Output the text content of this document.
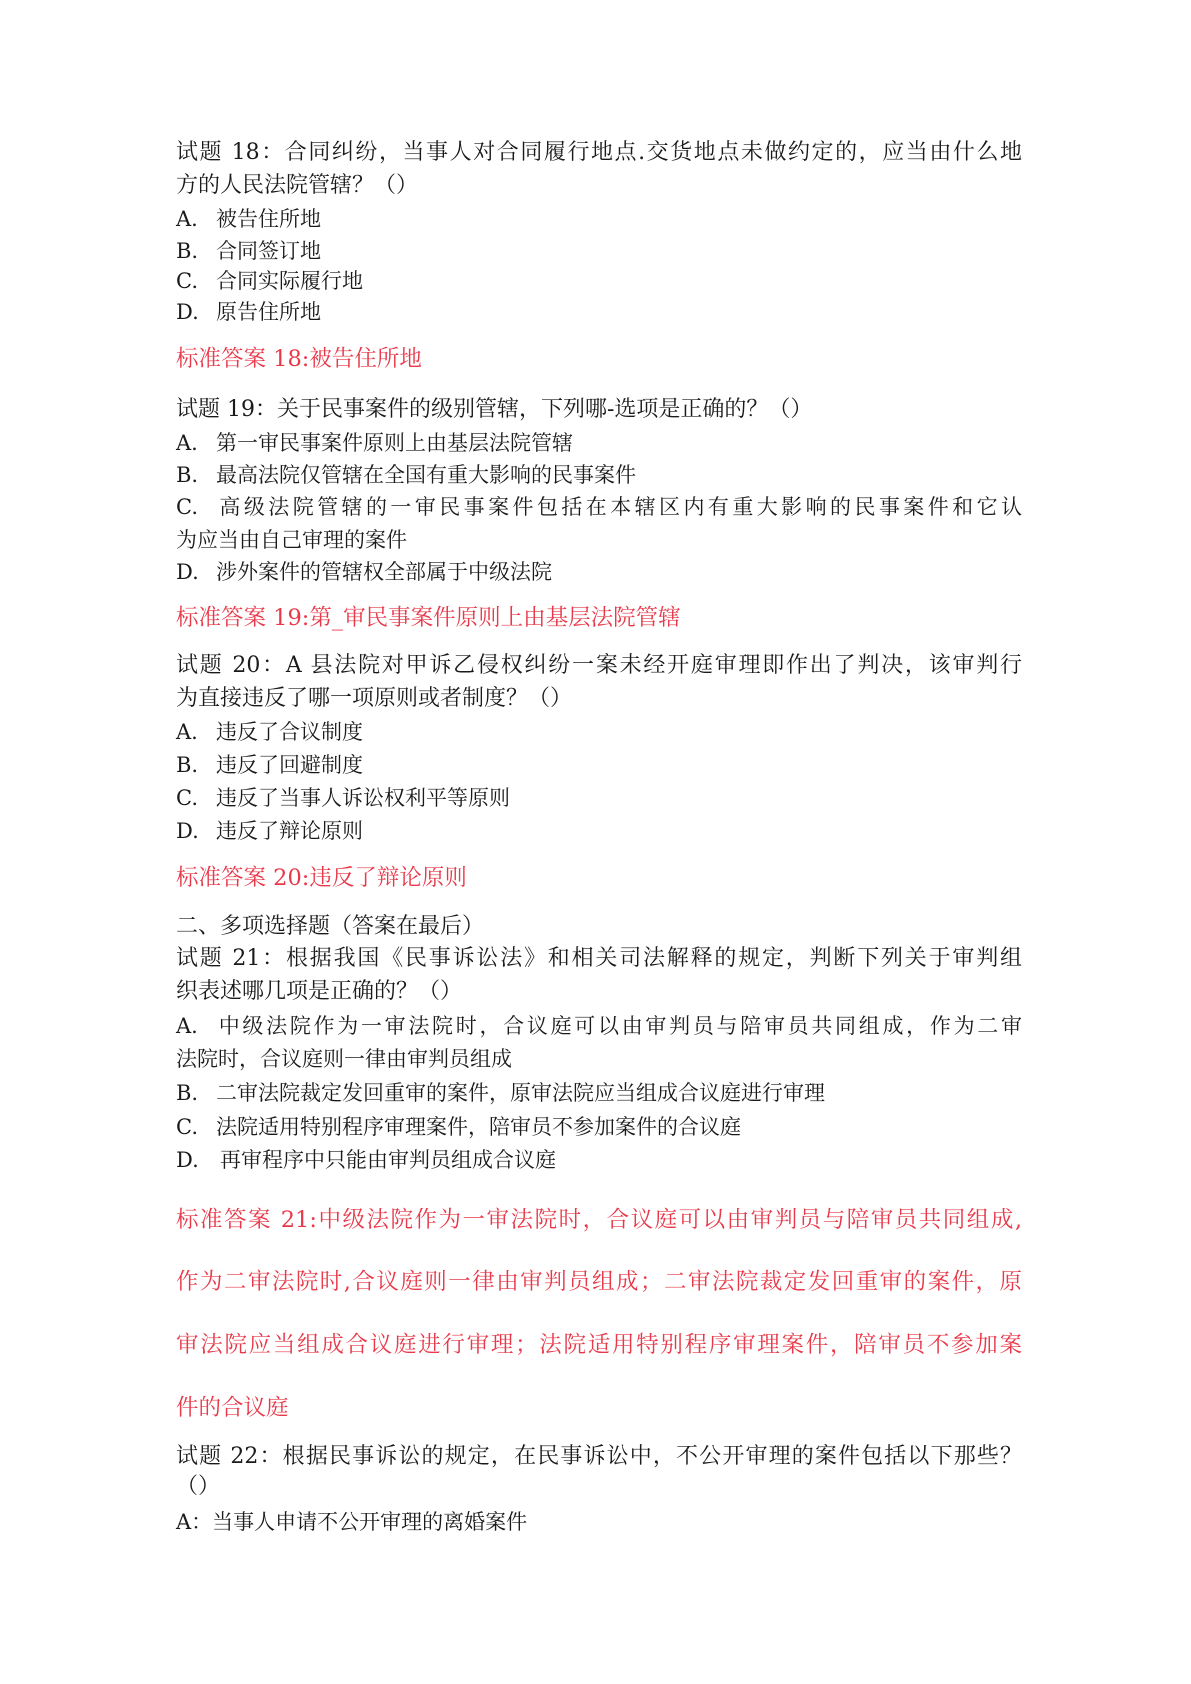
试题 18：合同纠纷，当事人对合同履行地点.交货地点未做约定的，应当由什么地
方的人民法院管辖？（）
A. 被告住所地
B. 合同签订地
C. 合同实际履行地
D. 原告住所地
标准答案 18:被告住所地
试题 19：关于民事案件的级别管辖，下列哪-选项是正确的？（）
A. 第一审民事案件原则上由基层法院管辖
B. 最高法院仅管辖在全国有重大影响的民事案件
C. 高级法院管辖的一审民事案件包括在本辖区内有重大影响的民事案件和它认
为应当由自己审理的案件
D. 涉外案件的管辖权全部属于中级法院
标准答案 19:第_审民事案件原则上由基层法院管辖
试题 20：A 县法院对甲诉乙侵权纠纷一案未经开庭审理即作出了判决，该审判行
为直接违反了哪一项原则或者制度？（）
A. 违反了合议制度
B. 违反了回避制度
C. 违反了当事人诉讼权利平等原则
D. 违反了辩论原则
标准答案 20:违反了辩论原则
二、多项选择题（答案在最后）
试题 21：根据我国《民事诉讼法》和相关司法解释的规定，判断下列关于审判组
织表述哪几项是正确的？（）
A. 中级法院作为一审法院时，合议庭可以由审判员与陪审员共同组成，作为二审
法院时，合议庭则一律由审判员组成
B. 二审法院裁定发回重审的案件，原审法院应当组成合议庭进行审理
C. 法院适用特别程序审理案件，陪审员不参加案件的合议庭
D. 再审程序中只能由审判员组成合议庭
标准答案 21:中级法院作为一审法院时，合议庭可以由审判员与陪审员共同组成,
作为二审法院时,合议庭则一律由审判员组成；二审法院裁定发回重审的案件，原
审法院应当组成合议庭进行审理；法院适用特别程序审理案件，陪审员不参加案
件的合议庭
试题 22：根据民事诉讼的规定，在民事诉讼中，不公开审理的案件包括以下那些？
（）
A：当事人申请不公开审理的离婚案件
